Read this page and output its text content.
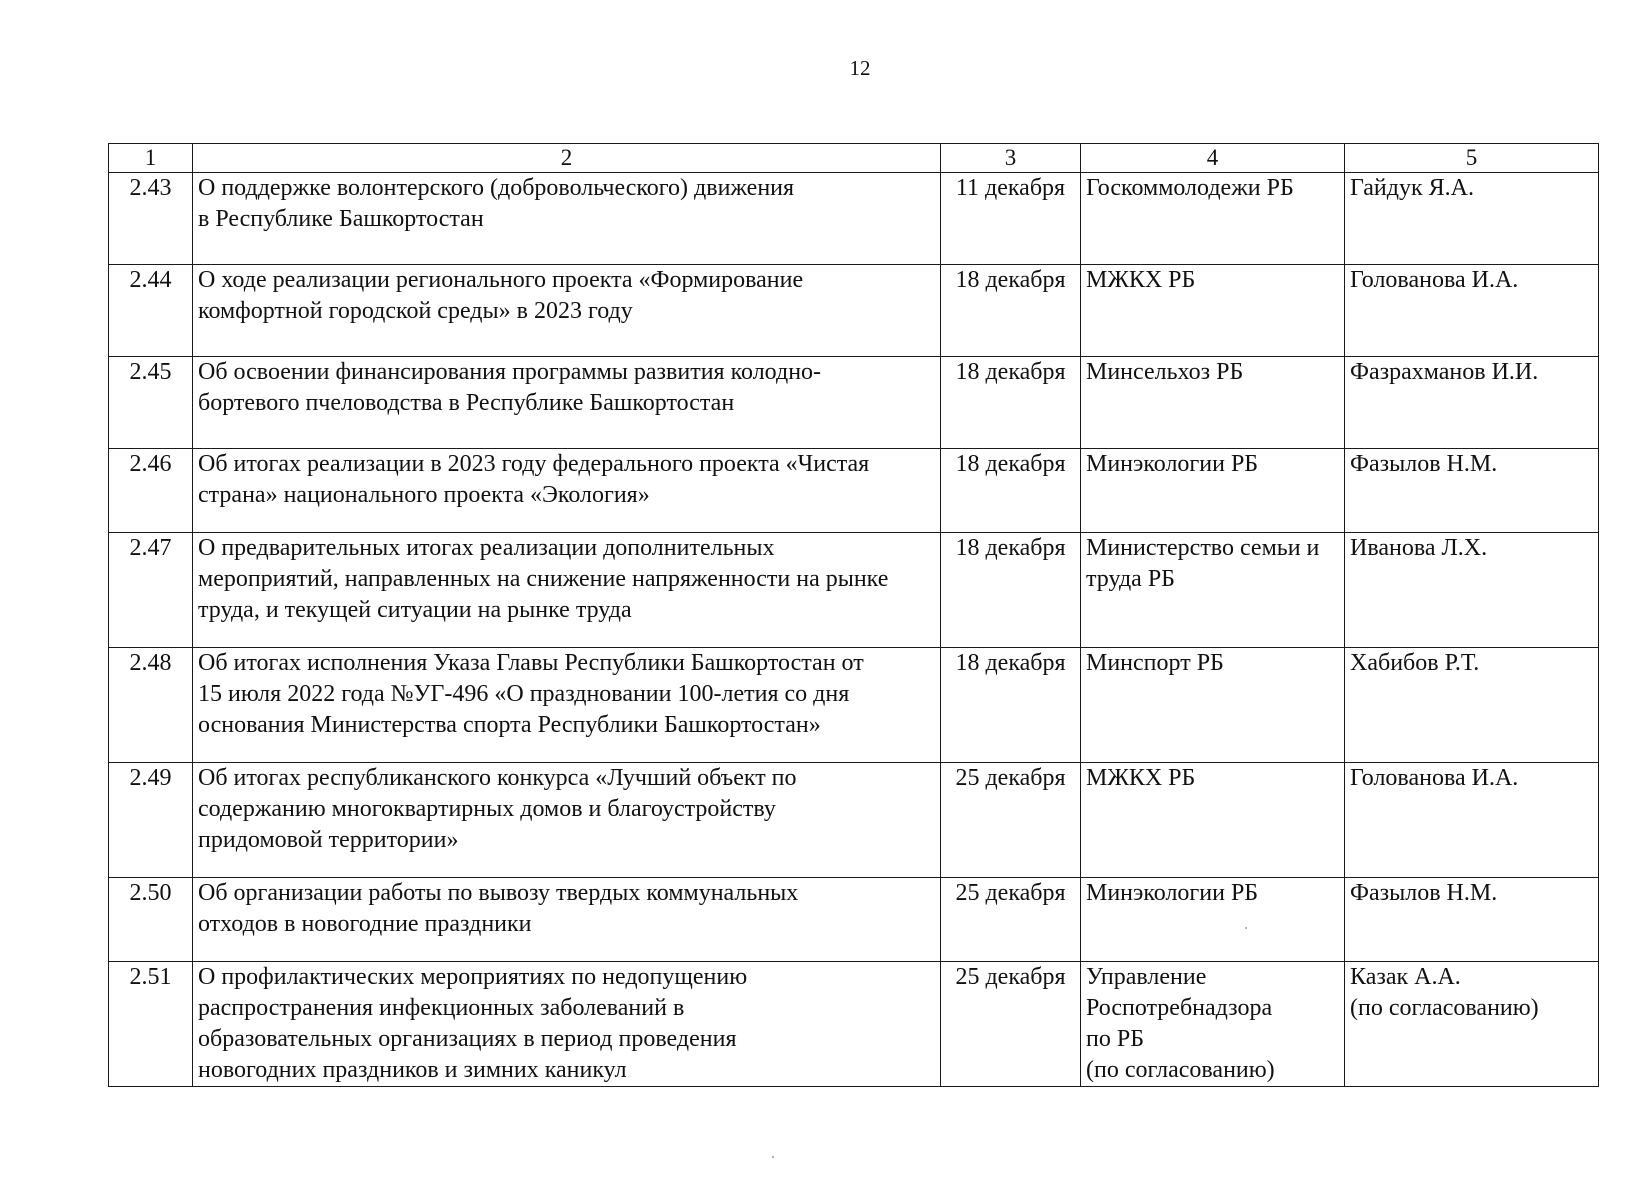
12
1	2	3	4	5
2.43	О поддержке волонтерского (добровольческого) движения
в Республике Башкортостан	11 декабря	Госкоммолодежи РБ	Гайдук Я.А.

2.44	О ходе реализации регионального проекта «Формирование
комфортной городской среды» в 2023 году	18 декабря	МЖКХ РБ	Голованова И.А.

2.45	Об освоении финансирования программы развития колодно-
бортевого пчеловодства в Республике Башкортостан	18 декабря	Минсельхоз РБ	Фазрахманов И.И.

2.46	Об итогах реализации в 2023 году федерального проекта «Чистая
страна» национального проекта «Экология»	18 декабря	Минэкологии РБ	Фазылов Н.М.

2.47	О предварительных итогах реализации дополнительных
мероприятий, направленных на снижение напряженности на рынке
труда, и текущей ситуации на рынке труда	18 декабря	Министерство семьи и
труда РБ	Иванова Л.Х.

2.48	Об итогах исполнения Указа Главы Республики Башкортостан от
15 июля 2022 года №УГ-496 «О праздновании 100-летия со дня
основания Министерства спорта Республики Башкортостан»	18 декабря	Минспорт РБ	Хабибов Р.Т.

2.49	Об итогах республиканского конкурса «Лучший объект по
содержанию многоквартирных домов и благоустройству
придомовой территории»	25 декабря	МЖКХ РБ	Голованова И.А.

2.50	Об организации работы по вывозу твердых коммунальных
отходов в новогодние праздники	25 декабря	Минэкологии РБ	Фазылов Н.М.

2.51	О профилактических мероприятиях по недопущению
распространения инфекционных заболеваний в
образовательных организациях в период проведения
новогодних праздников и зимних каникул	25 декабря	Управление
Роспотребнадзора
по РБ
(по согласованию)	Казак А.А.
(по согласованию)
